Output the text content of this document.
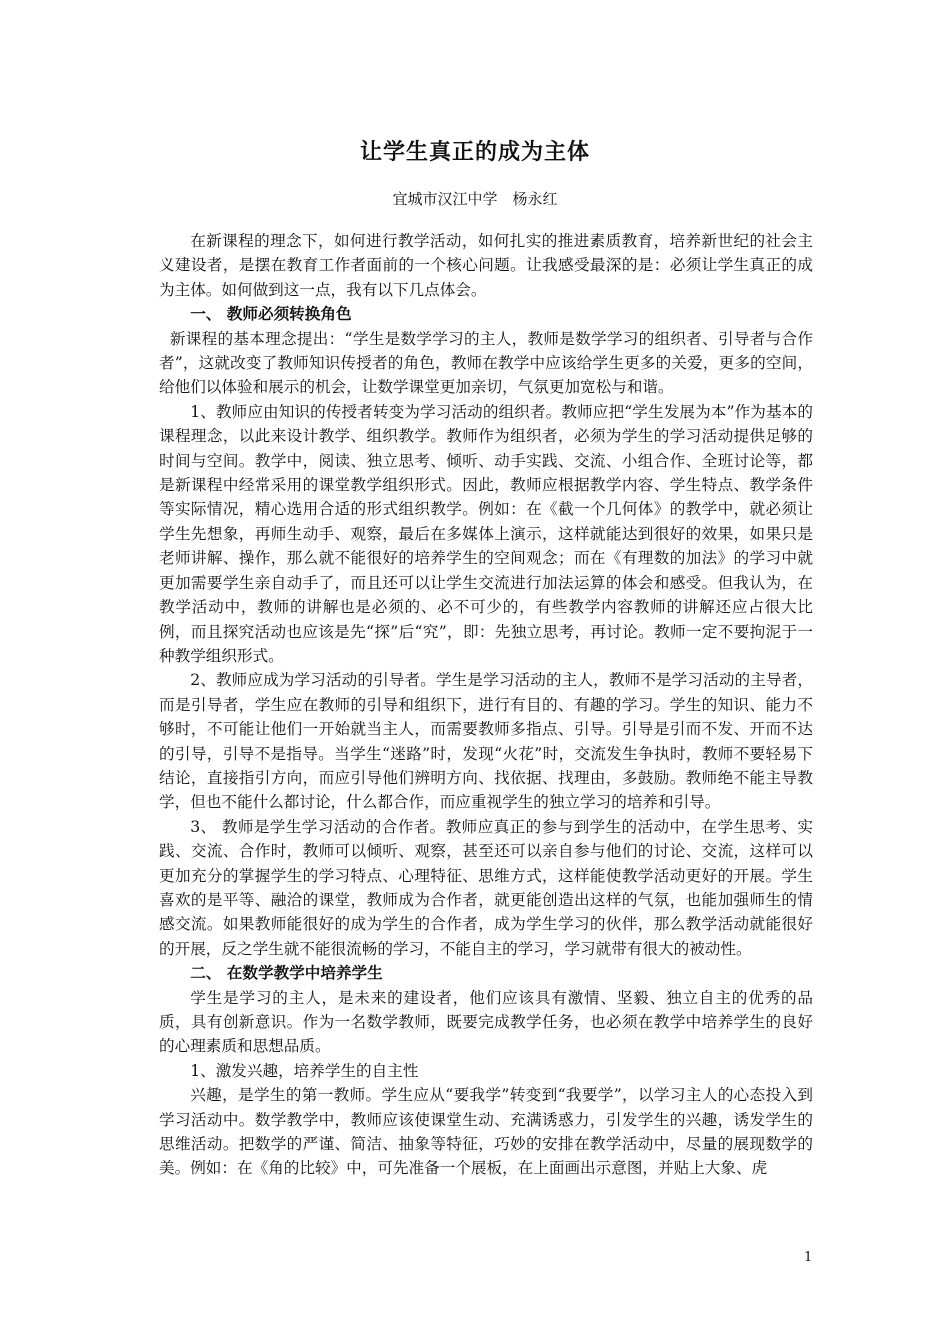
让学生真正的成为主体

宜城市汉江中学　杨永红

在新课程的理念下，如何进行教学活动，如何扎实的推进素质教育，培养新世纪的社会主义建设者，是摆在教育工作者面前的一个核心问题。让我感受最深的是：必须让学生真正的成为主体。如何做到这一点，我有以下几点体会。

一、 教师必须转换角色

新课程的基本理念提出：“学生是数学学习的主人，教师是数学学习的组织者、引导者与合作者”，这就改变了教师知识传授者的角色，教师在教学中应该给学生更多的关爱，更多的空间，给他们以体验和展示的机会，让数学课堂更加亲切，气氛更加宽松与和谐。

1、教师应由知识的传授者转变为学习活动的组织者。教师应把“学生发展为本”作为基本的课程理念，以此来设计教学、组织教学。教师作为组织者，必须为学生的学习活动提供足够的时间与空间。教学中，阅读、独立思考、倾听、动手实践、交流、小组合作、全班讨论等，都是新课程中经常采用的课堂教学组织形式。因此，教师应根据教学内容、学生特点、教学条件等实际情况，精心选用合适的形式组织教学。例如：在《截一个几何体》的教学中，就必须让学生先想象，再师生动手、观察，最后在多媒体上演示，这样就能达到很好的效果，如果只是老师讲解、操作，那么就不能很好的培养学生的空间观念；而在《有理数的加法》的学习中就更加需要学生亲自动手了，而且还可以让学生交流进行加法运算的体会和感受。但我认为，在教学活动中，教师的讲解也是必须的、必不可少的，有些教学内容教师的讲解还应占很大比例，而且探究活动也应该是先“探”后“究”，即：先独立思考，再讨论。教师一定不要拘泥于一种教学组织形式。

2、教师应成为学习活动的引导者。学生是学习活动的主人，教师不是学习活动的主导者，而是引导者，学生应在教师的引导和组织下，进行有目的、有趣的学习。学生的知识、能力不够时，不可能让他们一开始就当主人，而需要教师多指点、引导。引导是引而不发、开而不达的引导，引导不是指导。当学生“迷路”时，发现“火花”时，交流发生争执时，教师不要轻易下结论，直接指引方向，而应引导他们辨明方向、找依据、找理由，多鼓励。教师绝不能主导教学，但也不能什么都讨论，什么都合作，而应重视学生的独立学习的培养和引导。

3、 教师是学生学习活动的合作者。教师应真正的参与到学生的活动中，在学生思考、实践、交流、合作时，教师可以倾听、观察，甚至还可以亲自参与他们的讨论、交流，这样可以更加充分的掌握学生的学习特点、心理特征、思维方式，这样能使教学活动更好的开展。学生喜欢的是平等、融洽的课堂，教师成为合作者，就更能创造出这样的气氛，也能加强师生的情感交流。如果教师能很好的成为学生的合作者，成为学生学习的伙伴，那么教学活动就能很好的开展，反之学生就不能很流畅的学习，不能自主的学习，学习就带有很大的被动性。

二、 在数学教学中培养学生

学生是学习的主人，是未来的建设者，他们应该具有激情、坚毅、独立自主的优秀的品质，具有创新意识。作为一名数学教师，既要完成教学任务，也必须在教学中培养学生的良好的心理素质和思想品质。

1、激发兴趣，培养学生的自主性

兴趣，是学生的第一教师。学生应从“要我学”转变到“我要学”，以学习主人的心态投入到学习活动中。数学教学中，教师应该使课堂生动、充满诱惑力，引发学生的兴趣，诱发学生的思维活动。把数学的严谨、简洁、抽象等特征，巧妙的安排在教学活动中，尽量的展现数学的美。例如：在《角的比较》中，可先准备一个展板，在上面画出示意图，并贴上大象、虎

1
